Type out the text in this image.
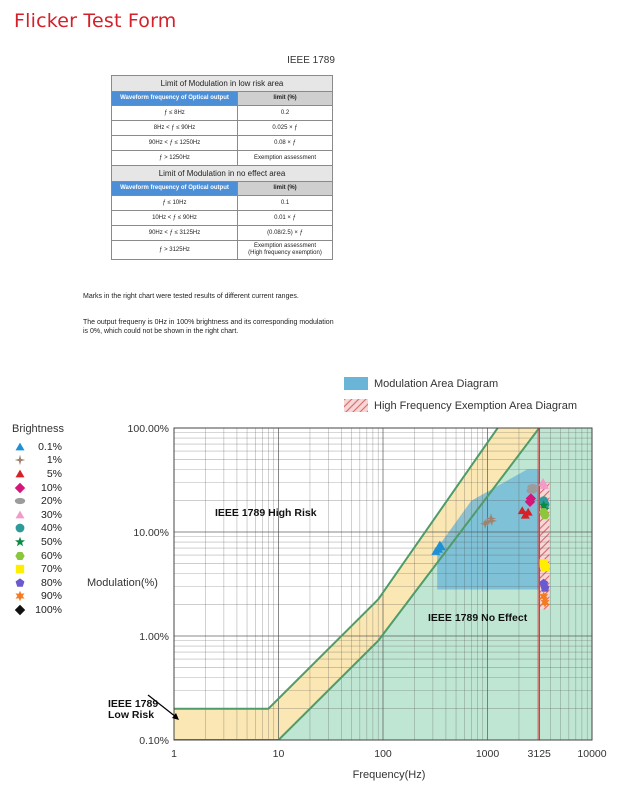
Flicker Test Form
IEEE 1789
Limit of Modulation in low risk area	
Waveform frequency of Optical output	limit (%)
ƒ ≤ 8Hz	0.2
8Hz < ƒ ≤ 90Hz	0.025 × ƒ
90Hz < ƒ ≤ 1250Hz	0.08 × ƒ
ƒ > 1250Hz	Exemption assessment
Limit of Modulation in no effect area	
Waveform frequency of Optical output	limit (%)
ƒ ≤ 10Hz	0.1
10Hz < ƒ ≤ 90Hz	0.01 × ƒ
90Hz < ƒ ≤ 3125Hz	(0.08/2.5) × ƒ
ƒ > 3125Hz	Exemption assessment
(High frequency exemption)
Marks in the right chart were tested results of different current ranges.
The output frequeny is 0Hz in 100% brightness and its corresponding modulation
is 0%, which could not be shown in the right chart.
Modulation Area Diagram
High Frequency Exemption Area Diagram
Brightness
0.1%
1%
5%
10%
20%
30%
40%
50%
60%
70%
80%
90%
100%
IEEE 1789 High Risk
IEEE 1789 No Effect
IEEE 1789
Low Risk
1	10	100	1000	3125	10000
0.10%
1.00%
10.00%
100.00%
Frequency(Hz)
Modulation(%)
